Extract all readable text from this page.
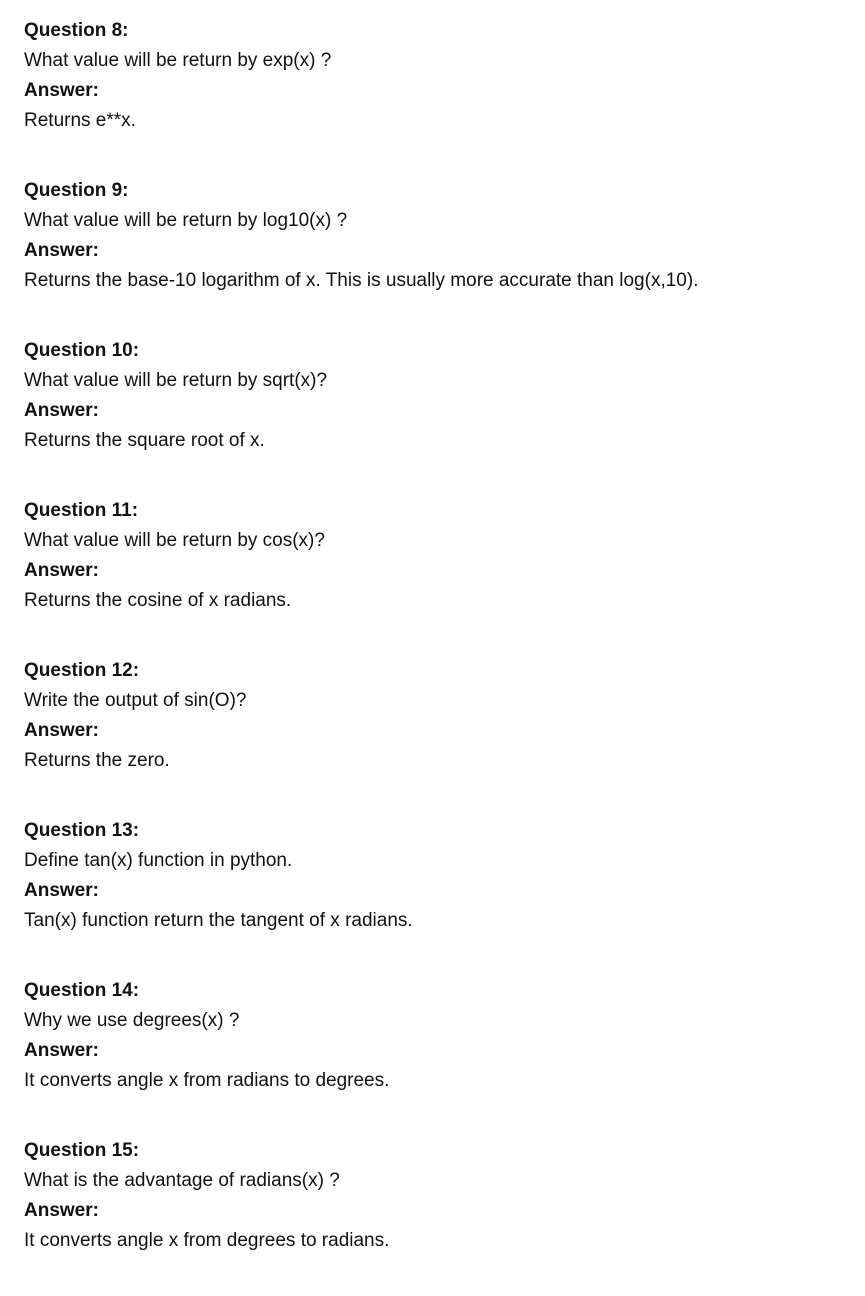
Question 8:
What value will be return by exp(x) ?
Answer:
Returns e**x.
Question 9:
What value will be return by log10(x) ?
Answer:
Returns the base-10 logarithm of x. This is usually more accurate than log(x,10).
Question 10:
What value will be return by sqrt(x)?
Answer:
Returns the square root of x.
Question 11:
What value will be return by cos(x)?
Answer:
Returns the cosine of x radians.
Question 12:
Write the output of sin(O)?
Answer:
Returns the zero.
Question 13:
Define tan(x) function in python.
Answer:
Tan(x) function return the tangent of x radians.
Question 14:
Why we use degrees(x) ?
Answer:
It converts angle x from radians to degrees.
Question 15:
What is the advantage of radians(x) ?
Answer:
It converts angle x from degrees to radians.
